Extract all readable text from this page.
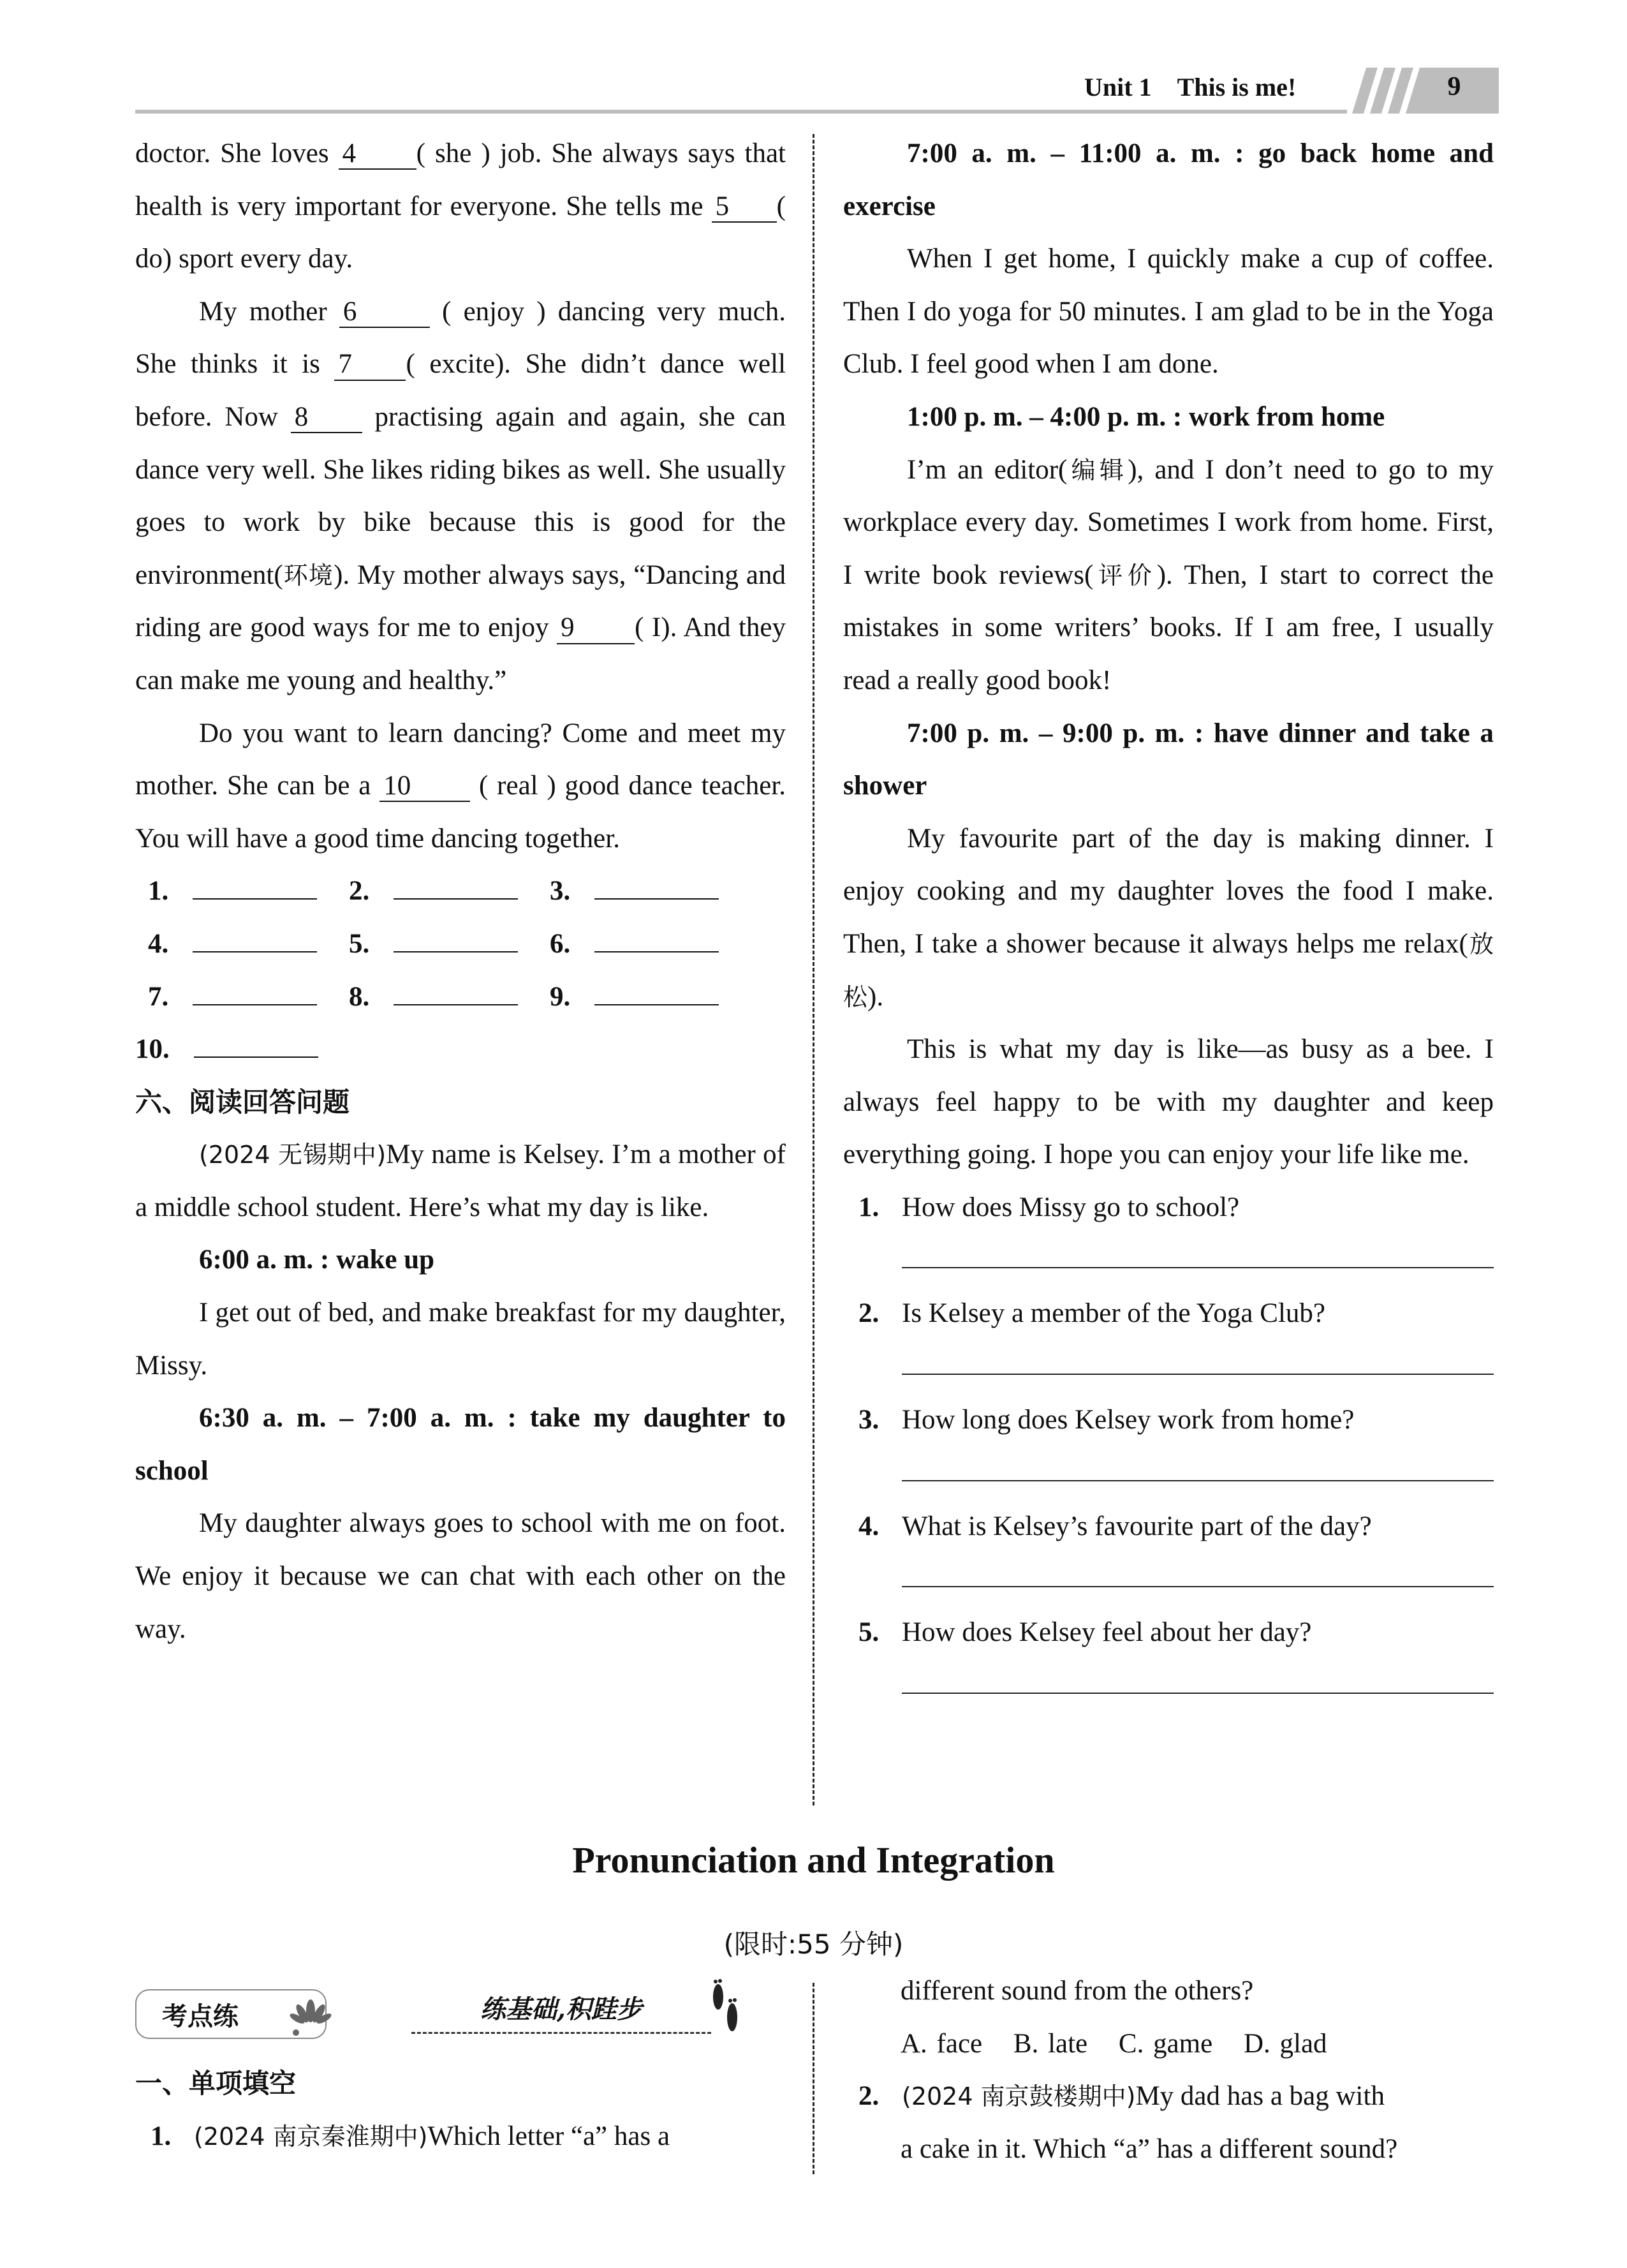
Unit 1 This is me!	9

doctor. She loves 4 ( she ) job. She always says that health is very important for everyone. She tells me 5 ( do) sport every day.

My mother 6	( enjoy ) dancing very much. She thinks it is 7 ( excite). She didn’t dance well before. Now 8 practising again and again, she can dance very well. She likes riding bikes as well. She usually goes to work by bike because this is good for the environment(环境). My mother always says, “Dancing and riding are good ways for me to enjoy 9 ( I). And they can make me young and healthy.”

Do you want to learn dancing? Come and meet my mother. She can be a 10 ( real ) good dance teacher. You will have a good time dancing together.

1.	2.	3.
4.	5.	6.
7.	8.	9.
10.
六、阅读回答问题

(2024 无锡期中)My name is Kelsey. I’m a mother of a middle school student. Here’s what my day is like.

6:00 a. m. : wake up

I get out of bed, and make breakfast for my daughter, Missy.

6:30 a. m. – 7:00 a. m. : take my daughter to school

My daughter always goes to school with me on foot. We enjoy it because we can chat with each other on the way.

7:00 a. m. – 11:00 a. m. : go back home and exercise

When I get home, I quickly make a cup of coffee. Then I do yoga for 50 minutes. I am glad to be in the Yoga Club. I feel good when I am done.

1:00 p. m. – 4:00 p. m. : work from home

I’m an editor(编辑), and I don’t need to go to my workplace every day. Sometimes I work from home. First, I write book reviews(评价). Then, I start to correct the mistakes in some writers’ books. If I am free, I usually read a really good book!

7:00 p. m. – 9:00 p. m. : have dinner and take a shower

My favourite part of the day is making dinner. I enjoy cooking and my daughter loves the food I make. Then, I take a shower because it always helps me relax(放松).

This is what my day is like—as busy as a bee. I always feel happy to be with my daughter and keep everything going. I hope you can enjoy your life like me.

1. How does Missy go to school?
2. Is Kelsey a member of the Yoga Club?
3. How long does Kelsey work from home?
4. What is Kelsey’s favourite part of the day?
5. How does Kelsey feel about her day?
Pronunciation and Integration
(限时:55 分钟)
考点练	练基础,积跬步
一、单项填空
1. (2024 南京秦淮期中)Which letter “a” has a
different sound from the others?
A. face B. late C. game D. glad
2. (2024 南京鼓楼期中)My dad has a bag with
a cake in it. Which “a” has a different sound?
